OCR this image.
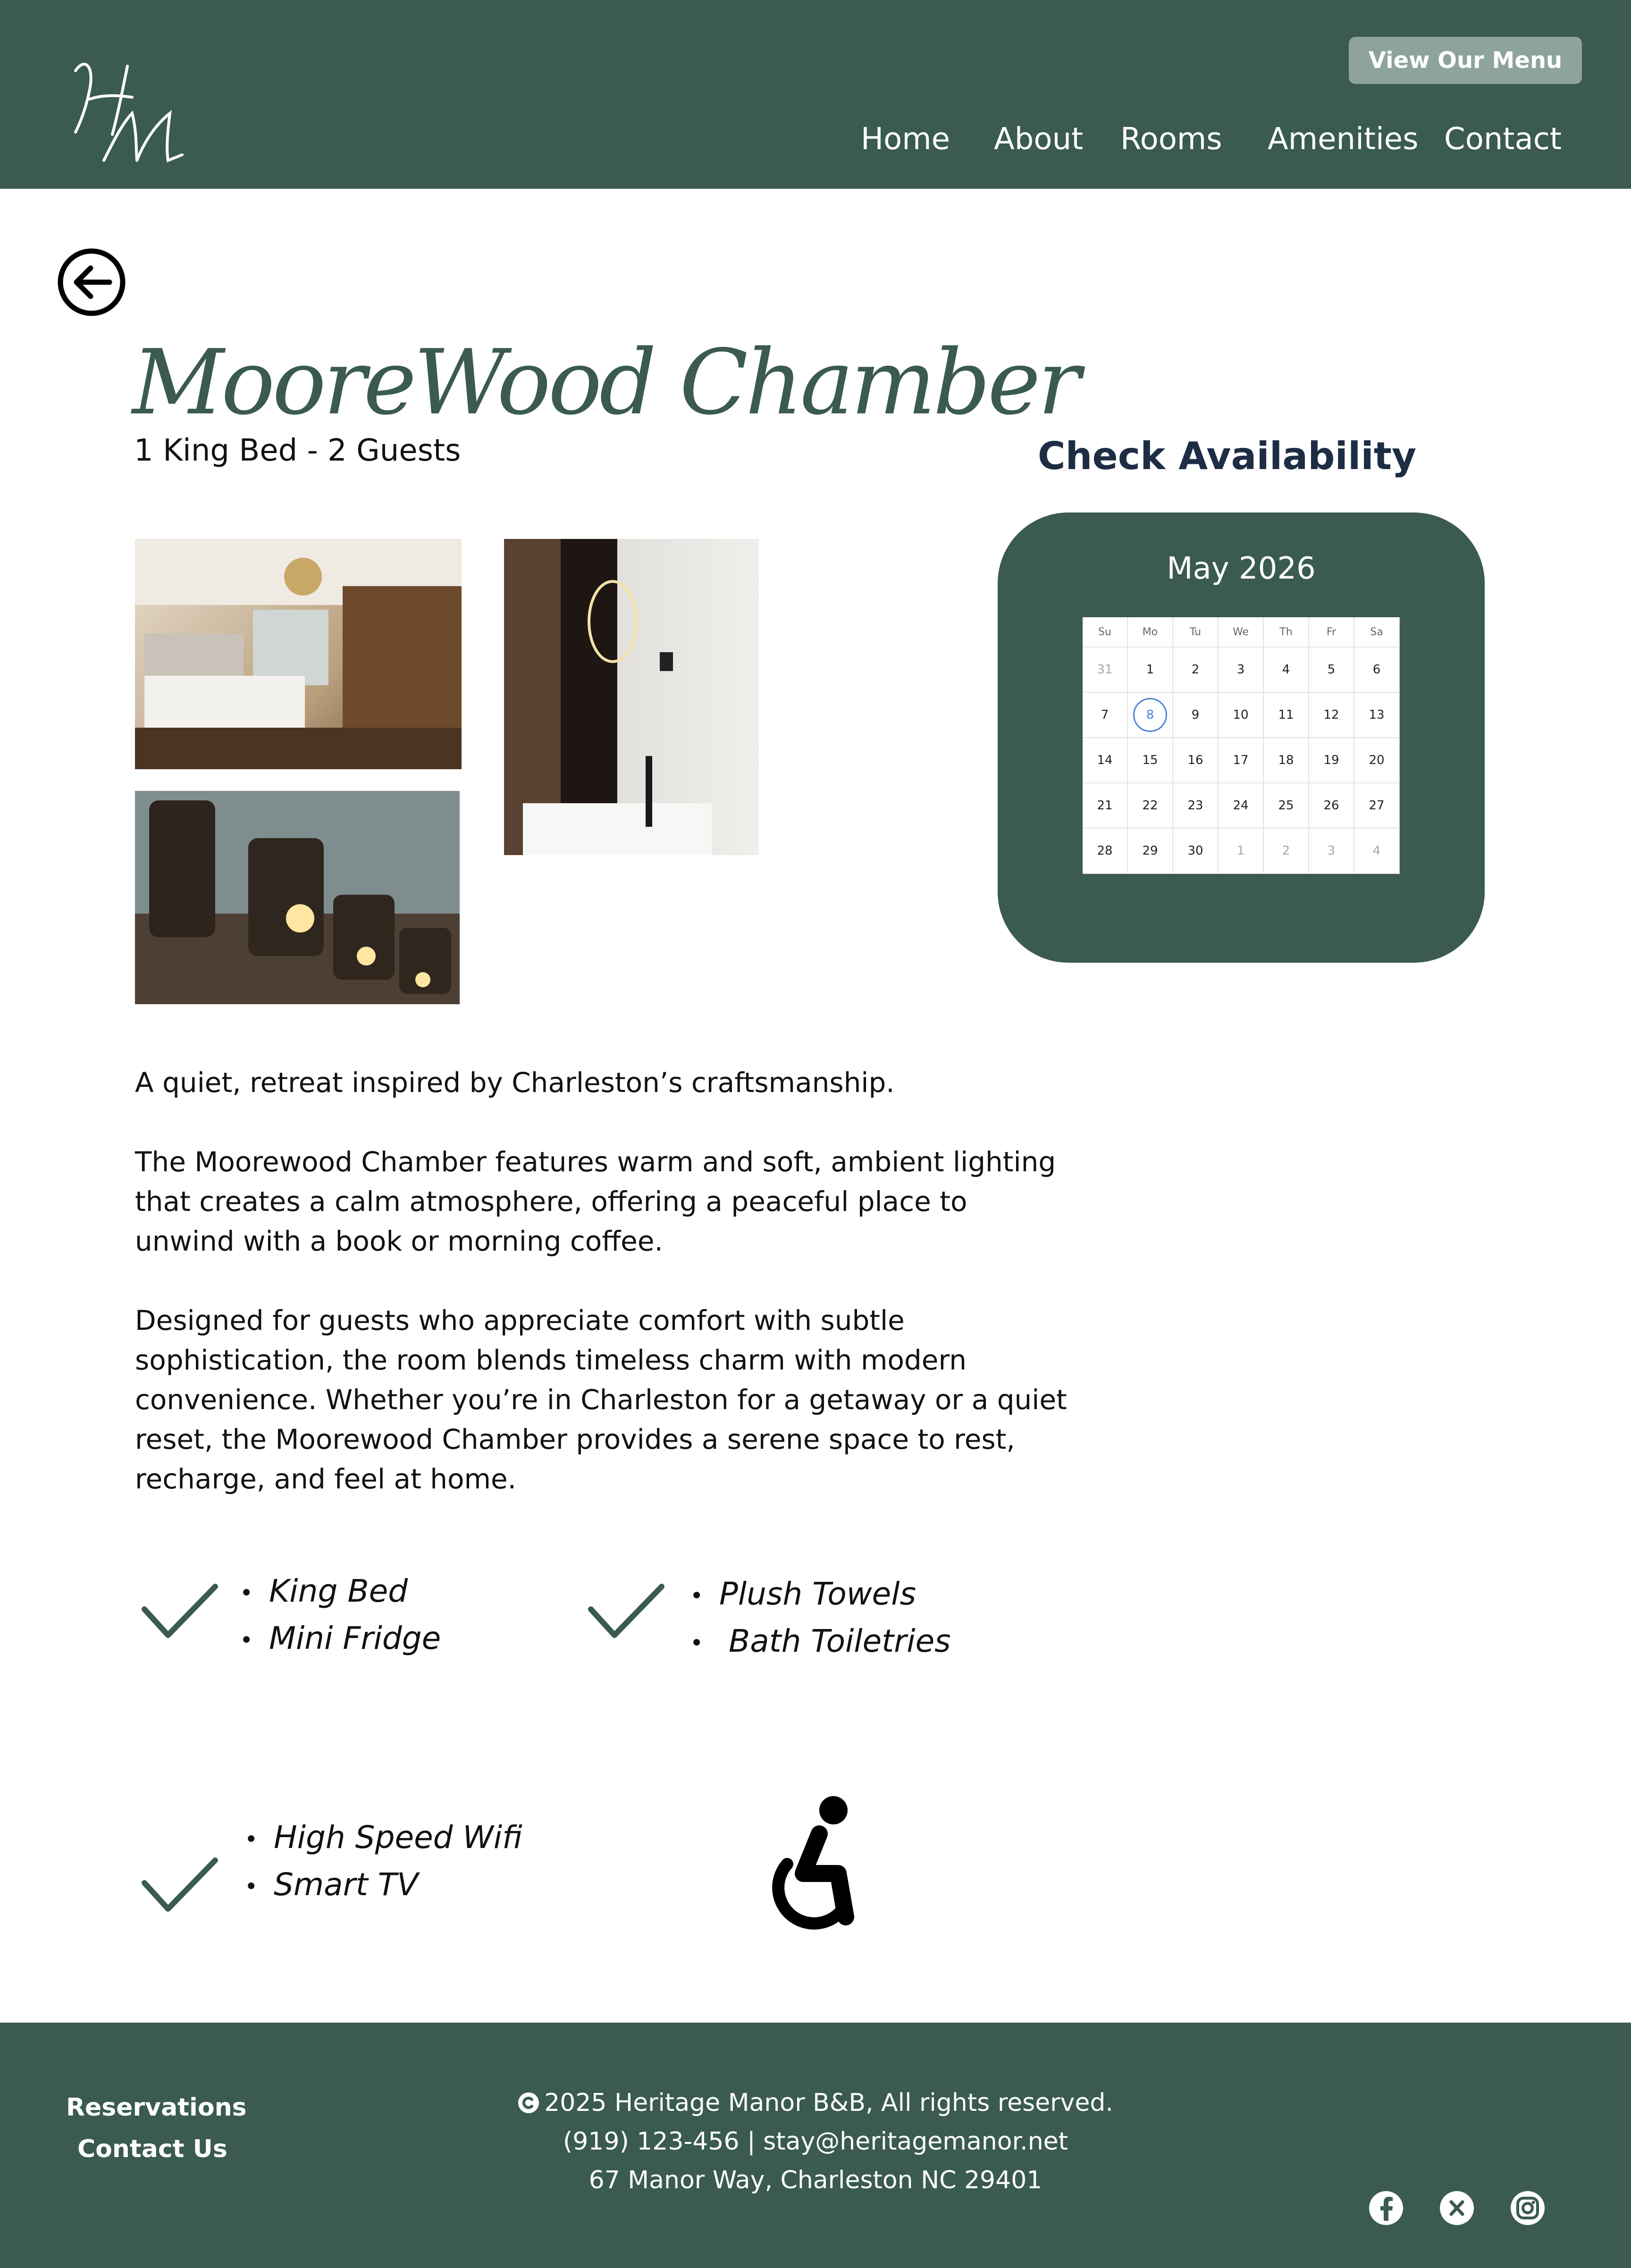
View Our Menu
Home About Rooms Amenities Contact
MooreWood Chamber
1 King Bed - 2 Guests	Check Availability
May 2026
Su	Mo	Tu	We	Th	Fr	Sa
31	1	2	3	4	5	6
7	8	9	10	11	12	13
14	15	16	17	18	19	20
21	22	23	24	25	26	27
28	29	30	1	2	3	4
A quiet, retreat inspired by Charleston’s craftsmanship.
The Moorewood Chamber features warm and soft, ambient lighting that creates a calm atmosphere, offering a peaceful place to unwind with a book or morning coffee.
Designed for guests who appreciate comfort with subtle sophistication, the room blends timeless charm with modern convenience. Whether you’re in Charleston for a getaway or a quiet reset, the Moorewood Chamber provides a serene space to rest, recharge, and feel at home.
• King Bed
• Mini Fridge
• Plush Towels
• Bath Toiletries
• High Speed Wifi
• Smart TV
Reservations
Contact Us
2025 Heritage Manor B&B, All rights reserved.
(919) 123-456 | stay@heritagemanor.net
67 Manor Way, Charleston NC 29401
